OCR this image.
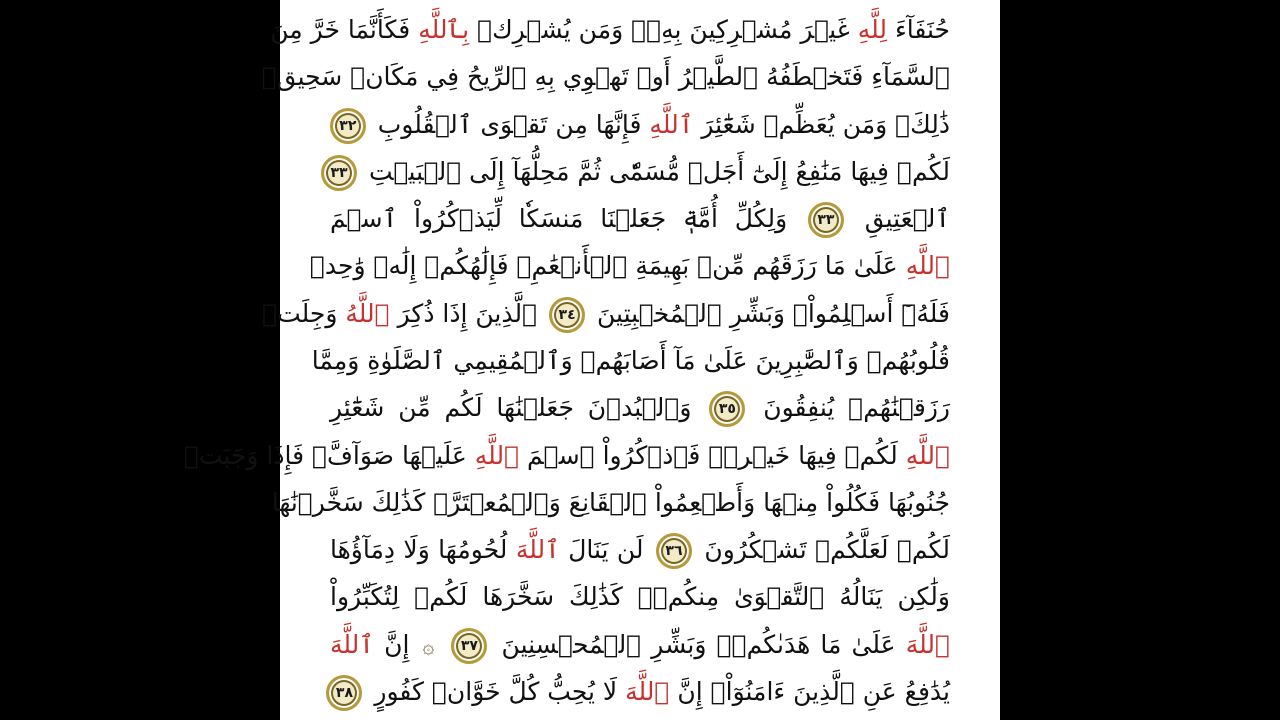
حُنَفَآءَ لِلَّهِ غَيۡرَ مُشۡرِكِينَ بِهِۦۚ وَمَن يُشۡرِكۡ بِٱللَّهِ فَكَأَنَّمَا خَرَّ مِنَ
ٱلسَّمَآءِ فَتَخۡطَفُهُ ٱلطَّيۡرُ أَوۡ تَهۡوِي بِهِ ٱلرِّيحُ فِي مَكَانٖ سَحِيقٖ
ذَٰلِكَۖ وَمَن يُعَظِّمۡ شَعَٰٓئِرَ ٱللَّهِ فَإِنَّهَا مِن تَقۡوَى ٱلۡقُلُوبِ ٣٢
لَكُمۡ فِيهَا مَنَٰفِعُ إِلَىٰٓ أَجَلٖ مُّسَمّٗى ثُمَّ مَحِلُّهَآ إِلَى ٱلۡبَيۡتِ ٣٣
ٱلۡعَتِيقِ ٣٣ وَلِكُلِّ أُمَّةٖ جَعَلۡنَا مَنسَكٗا لِّيَذۡكُرُواْ ٱسۡمَ
ٱللَّهِ عَلَىٰ مَا رَزَقَهُم مِّنۢ بَهِيمَةِ ٱلۡأَنۡعَٰمِۗ فَإِلَٰهُكُمۡ إِلَٰهٞ وَٰحِدٞ
فَلَهُۥٓ أَسۡلِمُواْۗ وَبَشِّرِ ٱلۡمُخۡبِتِينَ ٣٤ ٱلَّذِينَ إِذَا ذُكِرَ ٱللَّهُ وَجِلَتۡ
قُلُوبُهُمۡ وَٱلصَّٰبِرِينَ عَلَىٰ مَآ أَصَابَهُمۡ وَٱلۡمُقِيمِي ٱلصَّلَوٰةِ وَمِمَّا
رَزَقۡنَٰهُمۡ يُنفِقُونَ ٣٥ وَٱلۡبُدۡنَ جَعَلۡنَٰهَا لَكُم مِّن شَعَٰٓئِرِ
ٱللَّهِ لَكُمۡ فِيهَا خَيۡرٞۖ فَٱذۡكُرُواْ ٱسۡمَ ٱللَّهِ عَلَيۡهَا صَوَآفَّۖ فَإِذَا وَجَبَتۡ
جُنُوبُهَا فَكُلُواْ مِنۡهَا وَأَطۡعِمُواْ ٱلۡقَانِعَ وَٱلۡمُعۡتَرَّۚ كَذَٰلِكَ سَخَّرۡنَٰهَا
لَكُمۡ لَعَلَّكُمۡ تَشۡكُرُونَ ٣٦ لَن يَنَالَ ٱللَّهَ لُحُومُهَا وَلَا دِمَآؤُهَا
وَلَٰكِن يَنَالُهُ ٱلتَّقۡوَىٰ مِنكُمۡۚ كَذَٰلِكَ سَخَّرَهَا لَكُمۡ لِتُكَبِّرُواْ
ٱللَّهَ عَلَىٰ مَا هَدَىٰكُمۡۗ وَبَشِّرِ ٱلۡمُحۡسِنِينَ ٣٧ ۞ إِنَّ ٱللَّهَ
يُدَٰفِعُ عَنِ ٱلَّذِينَ ءَامَنُوٓاْۗ إِنَّ ٱللَّهَ لَا يُحِبُّ كُلَّ خَوَّانٖ كَفُورٍ ٣٨
